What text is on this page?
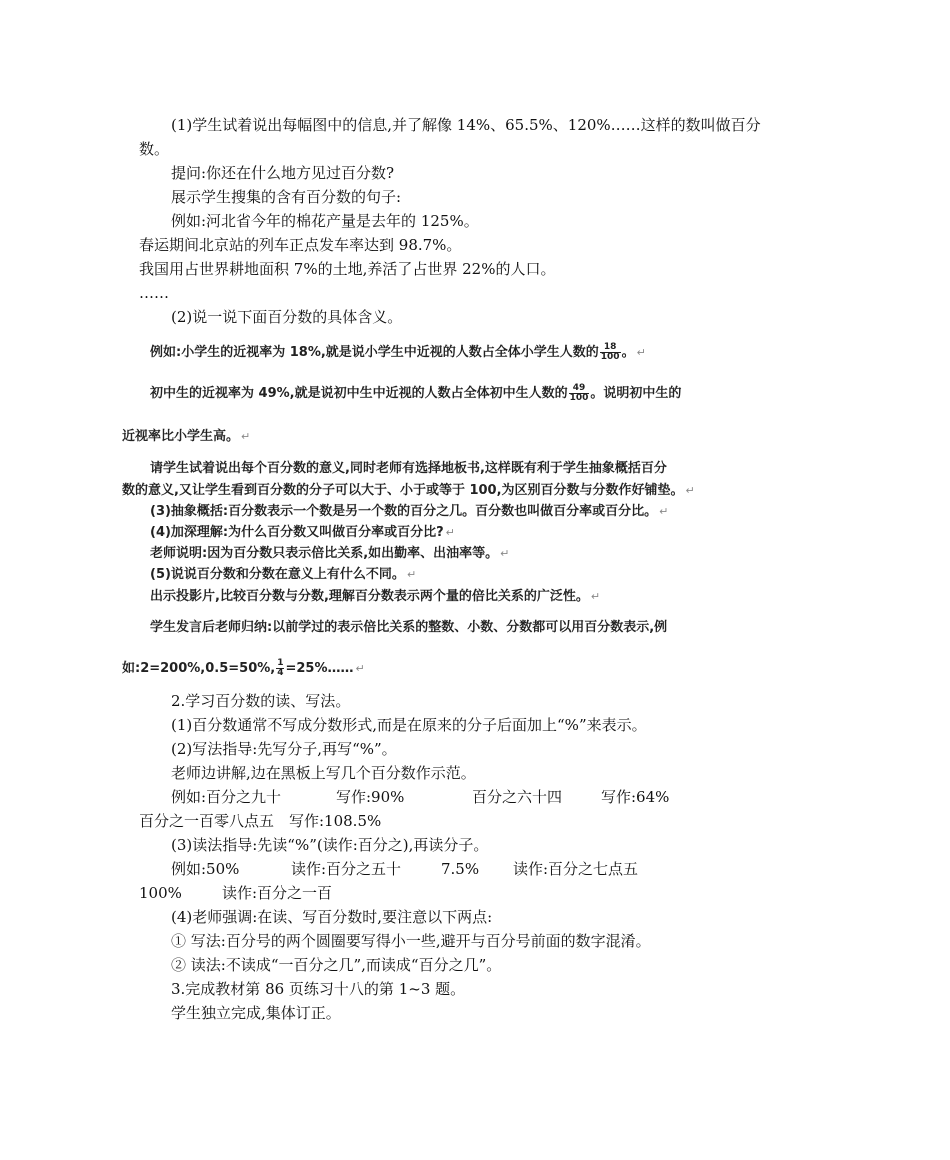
(1)学生试着说出每幅图中的信息,并了解像 14%、65.5%、120%……这样的数叫做百分
数。
提问:你还在什么地方见过百分数?
展示学生搜集的含有百分数的句子:
例如:河北省今年的棉花产量是去年的 125%。
春运期间北京站的列车正点发车率达到 98.7%。
我国用占世界耕地面积 7%的土地,养活了占世界 22%的人口。
……
(2)说一说下面百分数的具体含义。
例如:小学生的近视率为 18%,就是说小学生中近视的人数占全体小学生人数的 $\frac{18}{100}$ 。 ↵
初中生的近视率为 49%,就是说初中生中近视的人数占全体初中生人数的 $\frac{49}{100}$ 。说明初中生的
近视率比小学生高。 ↵
请学生试着说出每个百分数的意义,同时老师有选择地板书,这样既有利于学生抽象概括百分
数的意义,又让学生看到百分数的分子可以大于、小于或等于 100,为区别百分数与分数作好铺垫。 ↵
(3)抽象概括:百分数表示一个数是另一个数的百分之几。百分数也叫做百分率或百分比。 ↵
(4)加深理解:为什么百分数又叫做百分率或百分比? ↵
老师说明:因为百分数只表示倍比关系,如出勤率、出油率等。 ↵
(5)说说百分数和分数在意义上有什么不同。 ↵
出示投影片,比较百分数与分数,理解百分数表示两个量的倍比关系的广泛性。 ↵
学生发言后老师归纳:以前学过的表示倍比关系的整数、小数、分数都可以用百分数表示,例
如:2=200%,0.5=50%, $\frac{1}{4}$ =25%…… ↵
2.学习百分数的读、写法。
(1)百分数通常不写成分数形式,而是在原来的分子后面加上“%”来表示。
(2)写法指导:先写分子,再写“%”。
老师边讲解,边在黑板上写几个百分数作示范。
例如:百分之九十	写作:90%	百分之六十四	写作:64%
百分之一百零八点五　写作:108.5%
(3)读法指导:先读“%”(读作:百分之),再读分子。
例如:50%	读作:百分之五十	7.5% 读作:百分之七点五
100%	读作:百分之一百
(4)老师强调:在读、写百分数时,要注意以下两点:
① 写法:百分号的两个圆圈要写得小一些,避开与百分号前面的数字混淆。
② 读法:不读成“一百分之几”,而读成“百分之几”。
3.完成教材第 86 页练习十八的第 1~3 题。
学生独立完成,集体订正。
